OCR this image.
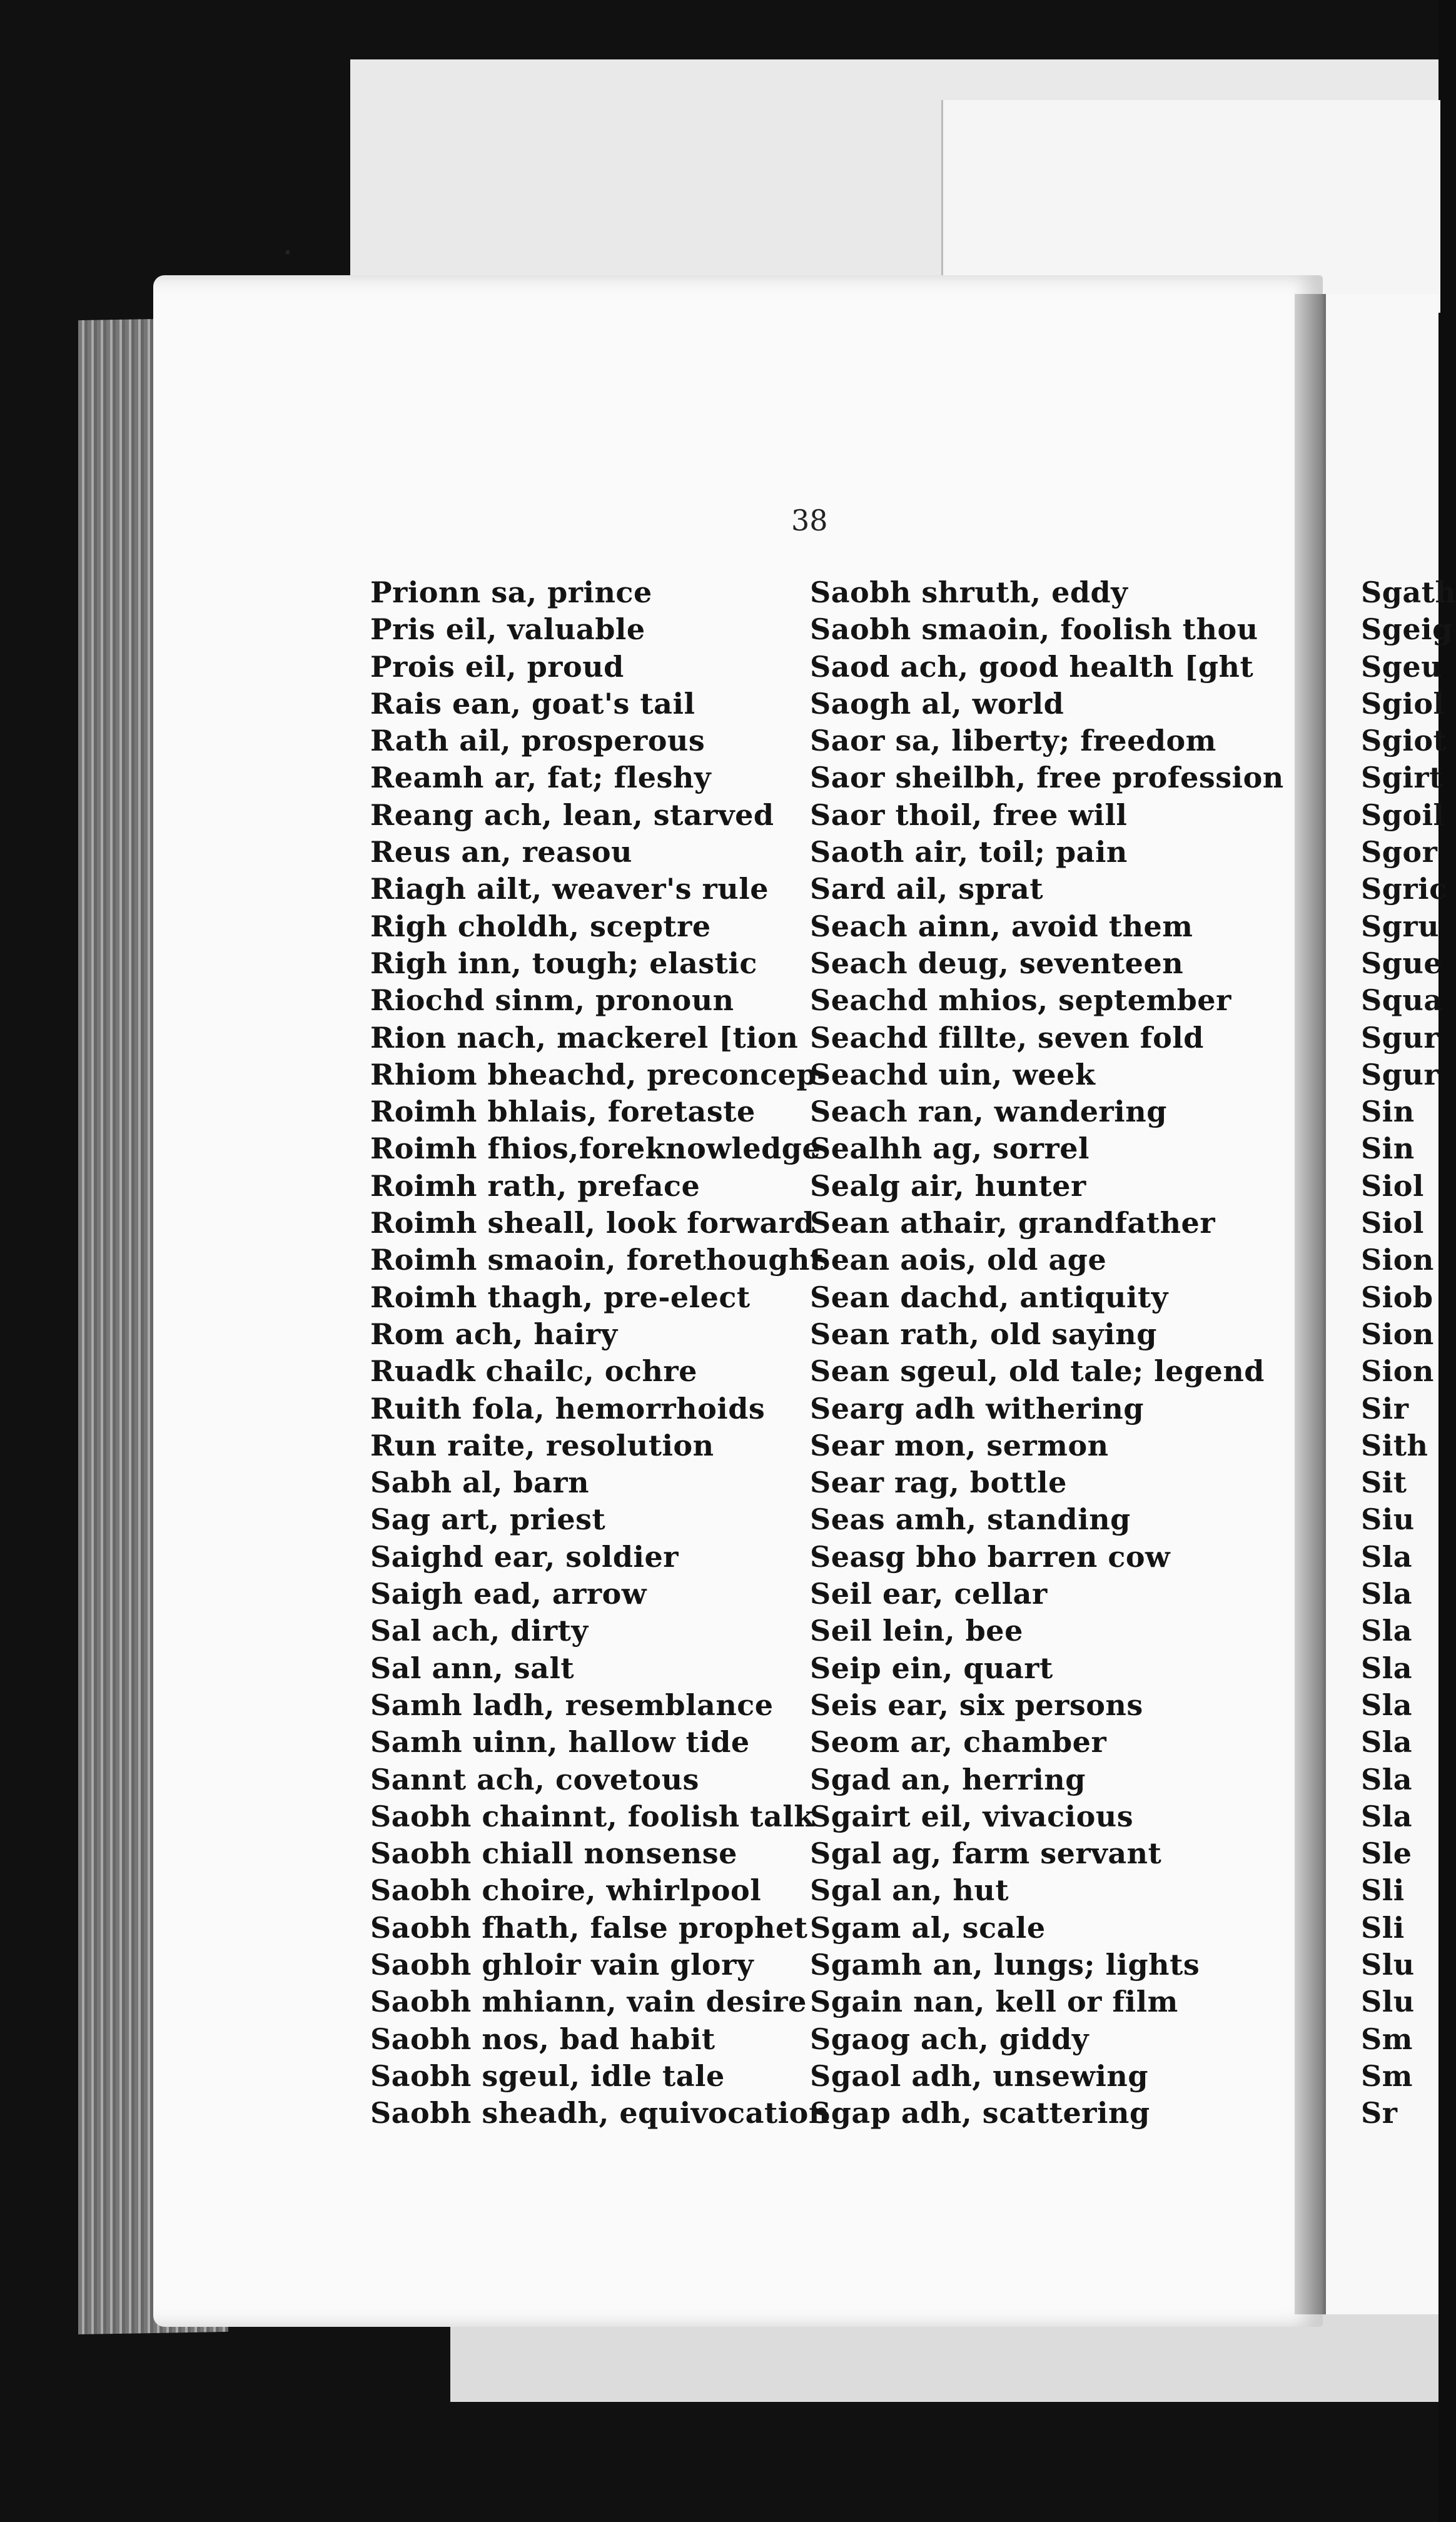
38
Prionn sa, prince
Pris eil, valuable
Prois eil, proud
Rais ean, goat's tail
Rath ail, prosperous
Reamh ar, fat; fleshy
Reang ach, lean, starved
Reus an, reasou
Riagh ailt, weaver's rule
Righ choldh, sceptre
Righ inn, tough; elastic
Riochd sinm, pronoun
Rion nach, mackerel [tion
Rhiom bheachd, preconcep-
Roimh bhlais, foretaste
Roimh fhios,foreknowledge
Roimh rath, preface
Roimh sheall, look forward
Roimh smaoin, forethought
Roimh thagh, pre-elect
Rom ach, hairy
Ruadk chailc, ochre
Ruith fola, hemorrhoids
Run raite, resolution
Sabh al, barn
Sag art, priest
Saighd ear, soldier
Saigh ead, arrow
Sal ach, dirty
Sal ann, salt
Samh ladh, resemblance
Samh uinn, hallow tide
Sannt ach, covetous
Saobh chainnt, foolish talk
Saobh chiall nonsense
Saobh choire, whirlpool
Saobh fhath, false prophet
Saobh ghloir vain glory
Saobh mhiann, vain desire
Saobh nos, bad habit
Saobh sgeul, idle tale
Saobh sheadh, equivocation
Saobh shruth, eddy
Saobh smaoin, foolish thou
Saod ach, good health [ght
Saogh al, world
Saor sa, liberty; freedom
Saor sheilbh, free profession
Saor thoil, free will
Saoth air, toil; pain
Sard ail, sprat
Seach ainn, avoid them
Seach deug, seventeen
Seachd mhios, september
Seachd fillte, seven fold
Seachd uin, week
Seach ran, wandering
Sealhh ag, sorrel
Sealg air, hunter
Sean athair, grandfather
Sean aois, old age
Sean dachd, antiquity
Sean rath, old saying
Sean sgeul, old tale; legend
Searg adh withering
Sear mon, sermon
Sear rag, bottle
Seas amh, standing
Seasg bho barren cow
Seil ear, cellar
Seil lein, bee
Seip ein, quart
Seis ear, six persons
Seom ar, chamber
Sgad an, herring
Sgairt eil, vivacious
Sgal ag, farm servant
Sgal an, hut
Sgam al, scale
Sgamh an, lungs; lights
Sgain nan, kell or film
Sgaog ach, giddy
Sgaol adh, unsewing
Sgap adh, scattering
Sgath
Sgeig
Sgeu
Sgiol
Sgiot
Sgirt
Sgoil
Sgor
Sgric
Sgru
Sgue
Squa
Sgur
Sgur
Sin
Sin
Siol
Siol
Sion
Siob
Sion
Sion
Sir
Sith
Sit
Siu
Sla
Sla
Sla
Sla
Sla
Sla
Sla
Sla
Sle
Sli
Sli
Slu
Slu
Sm
Sm
Sr
